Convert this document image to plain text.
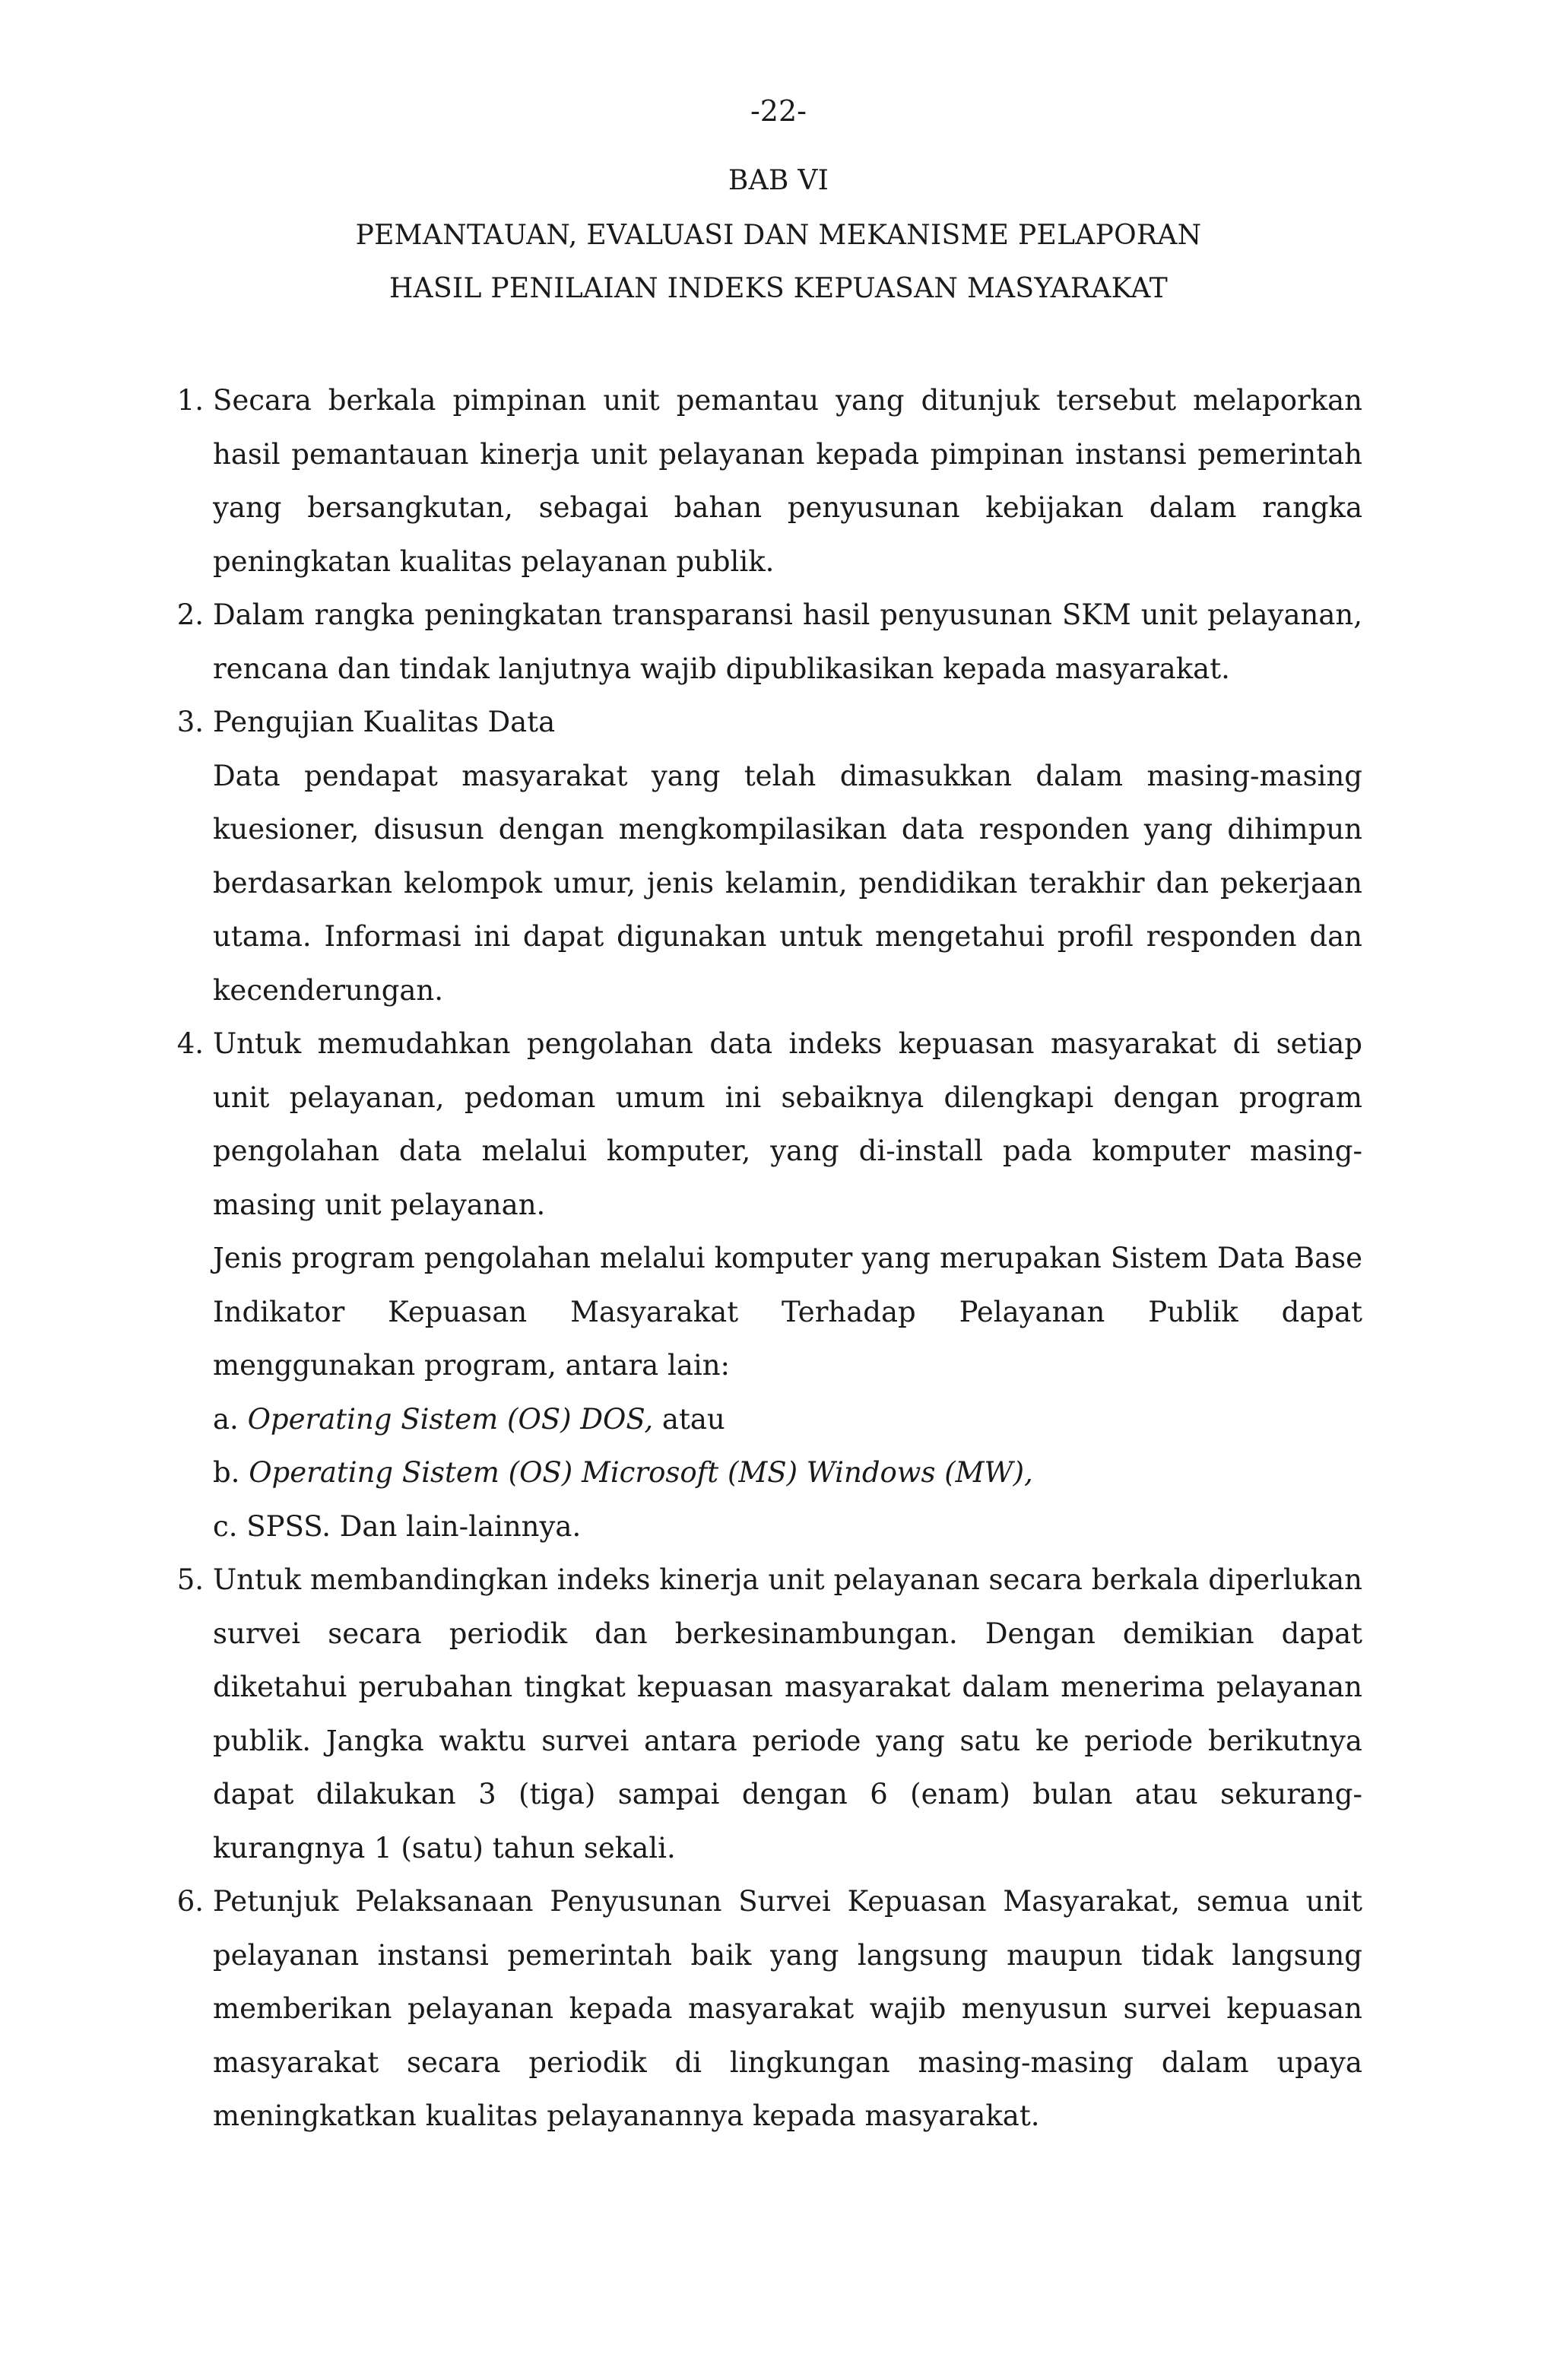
-22-

BAB VI
PEMANTAUAN, EVALUASI DAN MEKANISME PELAPORAN
HASIL PENILAIAN INDEKS KEPUASAN MASYARAKAT
1. Secara berkala pimpinan unit pemantau yang ditunjuk tersebut melaporkan hasil pemantauan kinerja unit pelayanan kepada pimpinan instansi pemerintah yang bersangkutan, sebagai bahan penyusunan kebijakan dalam rangka peningkatan kualitas pelayanan publik.

2. Dalam rangka peningkatan transparansi hasil penyusunan SKM unit pelayanan, rencana dan tindak lanjutnya wajib dipublikasikan kepada masyarakat.

3. Pengujian Kualitas Data

Data pendapat masyarakat yang telah dimasukkan dalam masing-masing kuesioner, disusun dengan mengkompilasikan data responden yang dihimpun berdasarkan kelompok umur, jenis kelamin, pendidikan terakhir dan pekerjaan utama. Informasi ini dapat digunakan untuk mengetahui profil responden dan kecenderungan.

4. Untuk memudahkan pengolahan data indeks kepuasan masyarakat di setiap unit pelayanan, pedoman umum ini sebaiknya dilengkapi dengan program pengolahan data melalui komputer, yang di-install pada komputer masing-masing unit pelayanan.

Jenis program pengolahan melalui komputer yang merupakan Sistem Data Base Indikator Kepuasan Masyarakat Terhadap Pelayanan Publik dapat menggunakan program, antara lain:

a. Operating Sistem (OS) DOS, atau

b. Operating Sistem (OS) Microsoft (MS) Windows (MW),

c. SPSS. Dan lain-lainnya.

5. Untuk membandingkan indeks kinerja unit pelayanan secara berkala diperlukan survei secara periodik dan berkesinambungan. Dengan demikian dapat diketahui perubahan tingkat kepuasan masyarakat dalam menerima pelayanan publik. Jangka waktu survei antara periode yang satu ke periode berikutnya dapat dilakukan 3 (tiga) sampai dengan 6 (enam) bulan atau sekurang-kurangnya 1 (satu) tahun sekali.

6. Petunjuk Pelaksanaan Penyusunan Survei Kepuasan Masyarakat, semua unit pelayanan instansi pemerintah baik yang langsung maupun tidak langsung memberikan pelayanan kepada masyarakat wajib menyusun survei kepuasan masyarakat secara periodik di lingkungan masing-masing dalam upaya meningkatkan kualitas pelayanannya kepada masyarakat.
